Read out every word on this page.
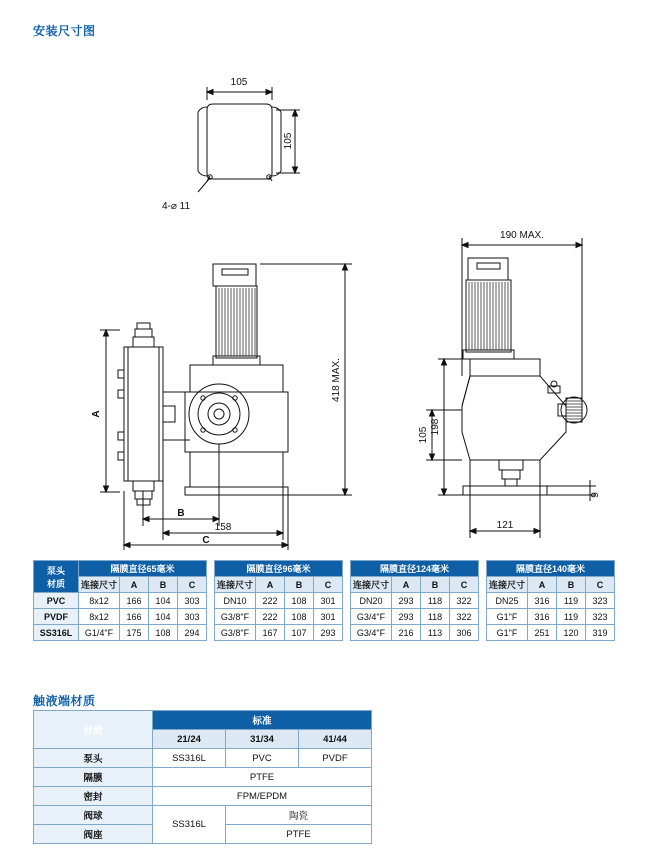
安装尺寸图
触液端材质
105
105
4-⌀ 11
418 MAX.
A
B
158
C
190 MAX.
198
105
9
121
泵头
材质	隔膜直径65毫米					隔膜直径96毫米					隔膜直径124毫米					隔膜直径140毫米			
	连接尺寸	A	B	C		连接尺寸	A	B	C		连接尺寸	A	B	C		连接尺寸	A	B	C
PVC	8x12	166	104	303		DN10	222	108	301		DN20	293	118	322		DN25	316	119	323
PVDF	8x12	166	104	303		G3/8"F	222	108	301		G3/4"F	293	118	322		G1"F	316	119	323
SS316L	G1/4"F	175	108	294		G3/8"F	167	107	293		G3/4"F	216	113	306		G1"F	251	120	319
材质	标准		
	21/24	31/34	41/44
泵头	SS316L	PVC	PVDF
隔膜	PTFE		
密封	FPM/EPDM		
阀球	SS316L	陶瓷	
阀座		PTFE	
